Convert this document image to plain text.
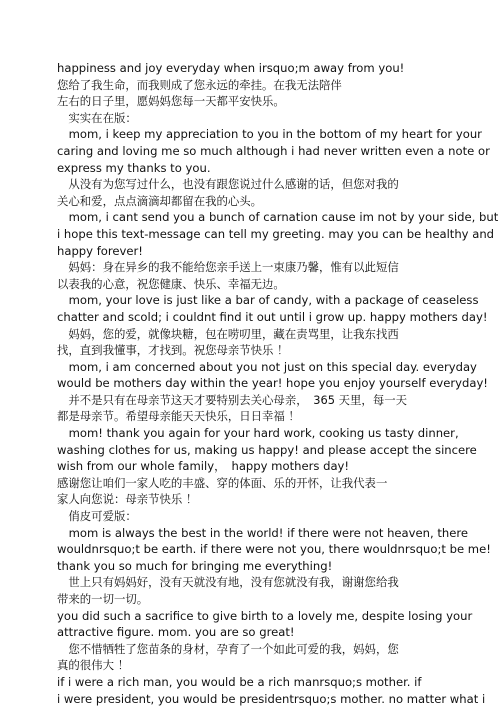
happiness and joy everyday when irsquo;m away from you!
您给了我生命，而我则成了您永远的牵挂。在我无法陪伴
左右的日子里，愿妈妈您每一天都平安快乐。
　实实在在版：
　mom, i keep my appreciation to you in the bottom of my heart for your
caring and loving me so much although i had never written even a note or
express my thanks to you.
　从没有为您写过什么，也没有跟您说过什么感谢的话，但您对我的
关心和爱，点点滴滴却都留在我的心头。
　mom, i cant send you a bunch of carnation cause im not by your side, but
i hope this text-message can tell my greeting. may you can be healthy and
happy forever!
　妈妈：身在异乡的我不能给您亲手送上一束康乃馨，惟有以此短信
以表我的心意，祝您健康、快乐、幸福无边。
　mom, your love is just like a bar of candy, with a package of ceaseless
chatter and scold; i couldnt find it out until i grow up. happy mothers day!
　妈妈，您的爱，就像块糖，包在唠叨里，藏在责骂里，让我东找西
找，直到我懂事，才找到。祝您母亲节快乐 ！
　mom, i am concerned about you not just on this special day. everyday
would be mothers day within the year! hope you enjoy yourself everyday!
　并不是只有在母亲节这天才要特别去关心母亲，　365 天里，每一天
都是母亲节。希望母亲能天天快乐，日日幸福 ！
　mom! thank you again for your hard work, cooking us tasty dinner,
washing clothes for us, making us happy! and please accept the sincere
wish from our whole family，　happy mothers day!
感谢您让咱们一家人吃的丰盛、穿的体面、乐的开怀，让我代表一
家人向您说：母亲节快乐 ！
　俏皮可爱版：
　mom is always the best in the world! if there were not heaven, there
wouldnrsquo;t be earth. if there were not you, there wouldnrsquo;t be me!
thank you so much for bringing me everything!
　世上只有妈妈好，没有天就没有地，没有您就没有我，谢谢您给我
带来的一切一切。
you did such a sacrifice to give birth to a lovely me, despite losing your
attractive figure. mom. you are so great!
　您不惜牺牲了您苗条的身材，孕育了一个如此可爱的我，妈妈，您
真的很伟大 ！
if i were a rich man, you would be a rich manrsquo;s mother. if
i were president, you would be presidentrsquo;s mother. no matter what i
